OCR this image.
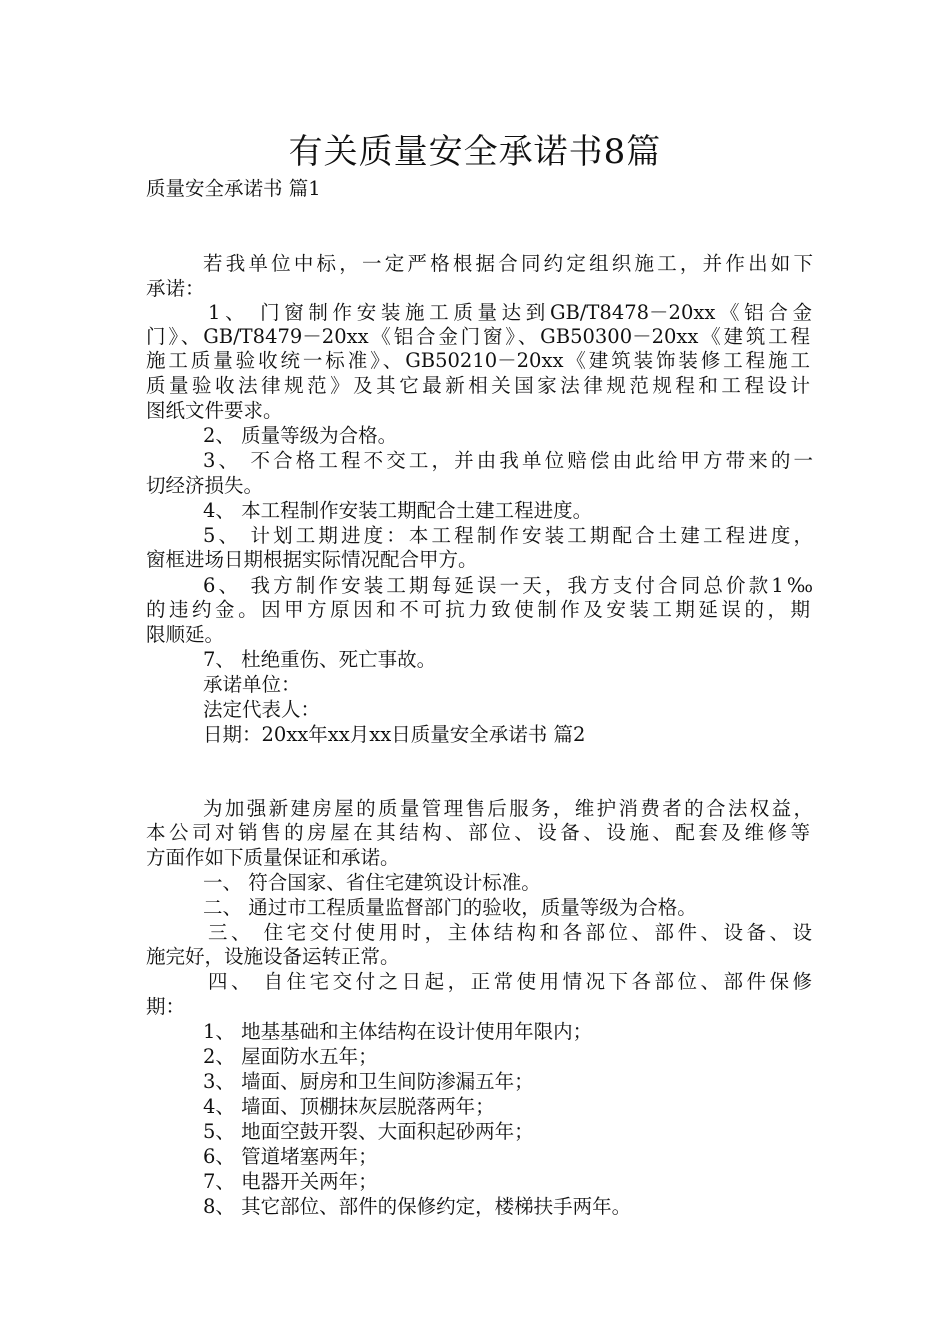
有关质量安全承诺书8篇
质量安全承诺书 篇1
若我单位中标，一定严格根据合同约定组织施工，并作出如下
承诺：
1、 门窗制作安装施工质量达到GB/T8478－20xx《铝合金
门》、GB/T8479－20xx《铝合金门窗》、GB50300－20xx《建筑工程
施工质量验收统一标准》、GB50210－20xx《建筑装饰装修工程施工
质量验收法律规范》及其它最新相关国家法律规范规程和工程设计
图纸文件要求。
2、 质量等级为合格。
3、 不合格工程不交工，并由我单位赔偿由此给甲方带来的一
切经济损失。
4、 本工程制作安装工期配合土建工程进度。
5、 计划工期进度：本工程制作安装工期配合土建工程进度，
窗框进场日期根据实际情况配合甲方。
6、 我方制作安装工期每延误一天，我方支付合同总价款1‰
的违约金。因甲方原因和不可抗力致使制作及安装工期延误的，期
限顺延。
7、 杜绝重伤、死亡事故。
承诺单位：
法定代表人：
日期：20xx年xx月xx日质量安全承诺书 篇2
为加强新建房屋的质量管理售后服务，维护消费者的合法权益，
本公司对销售的房屋在其结构、部位、设备、设施、配套及维修等
方面作如下质量保证和承诺。
一、 符合国家、省住宅建筑设计标准。
二、 通过市工程质量监督部门的验收，质量等级为合格。
三、 住宅交付使用时，主体结构和各部位、部件、设备、设
施完好，设施设备运转正常。
四、 自住宅交付之日起，正常使用情况下各部位、部件保修
期：
1、 地基基础和主体结构在设计使用年限内；
2、 屋面防水五年；
3、 墙面、厨房和卫生间防渗漏五年；
4、 墙面、顶棚抹灰层脱落两年；
5、 地面空鼓开裂、大面积起砂两年；
6、 管道堵塞两年；
7、 电器开关两年；
8、 其它部位、部件的保修约定，楼梯扶手两年。
